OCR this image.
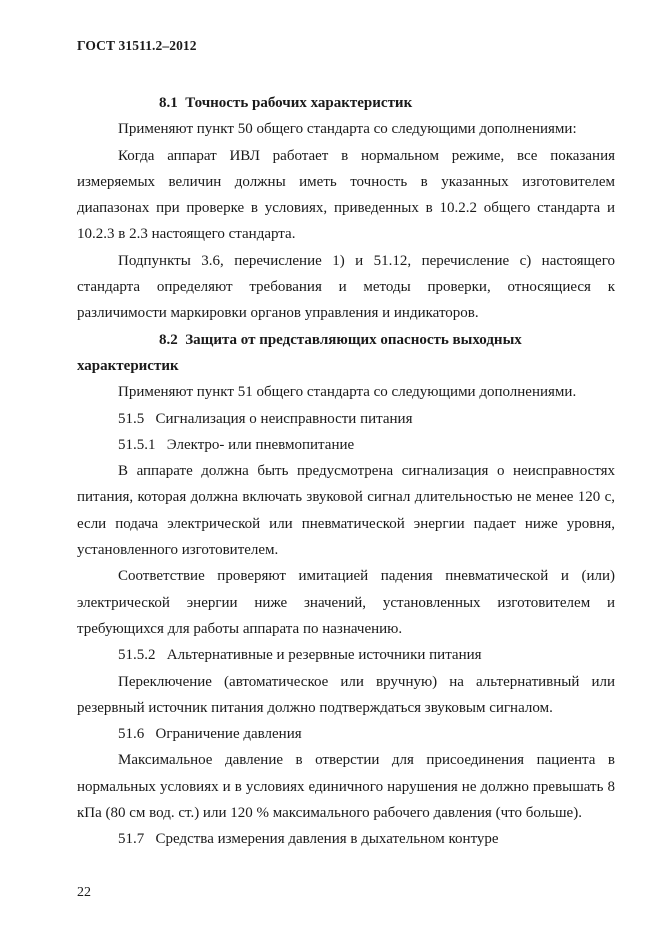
ГОСТ 31511.2–2012

8.1 Точность рабочих характеристик

Применяют пункт 50 общего стандарта со следующими дополнениями:

Когда аппарат ИВЛ работает в нормальном режиме, все показания измеряемых величин должны иметь точность в указанных изготовителем диапазонах при проверке в условиях, приведенных в 10.2.2 общего стандарта и 10.2.3 в 2.3 настоящего стандарта.

Подпункты 3.6, перечисление 1) и 51.12, перечисление с) настоящего стандарта определяют требования и методы проверки, относящиеся к различимости маркировки органов управления и индикаторов.

8.2 Защита от представляющих опасность выходных характеристик

Применяют пункт 51 общего стандарта со следующими дополнениями.

51.5 Сигнализация о неисправности питания

51.5.1 Электро- или пневмопитание

В аппарате должна быть предусмотрена сигнализация о неисправностях питания, которая должна включать звуковой сигнал длительностью не менее 120 с, если подача электрической или пневматической энергии падает ниже уровня, установленного изготовителем.

Соответствие проверяют имитацией падения пневматической и (или) электрической энергии ниже значений, установленных изготовителем и требующихся для работы аппарата по назначению.

51.5.2 Альтернативные и резервные источники питания

Переключение (автоматическое или вручную) на альтернативный или резервный источник питания должно подтверждаться звуковым сигналом.

51.6 Ограничение давления

Максимальное давление в отверстии для присоединения пациента в нормальных условиях и в условиях единичного нарушения не должно превышать 8 кПа (80 см вод. ст.) или 120 % максимального рабочего давления (что больше).

51.7 Средства измерения давления в дыхательном контуре

22
